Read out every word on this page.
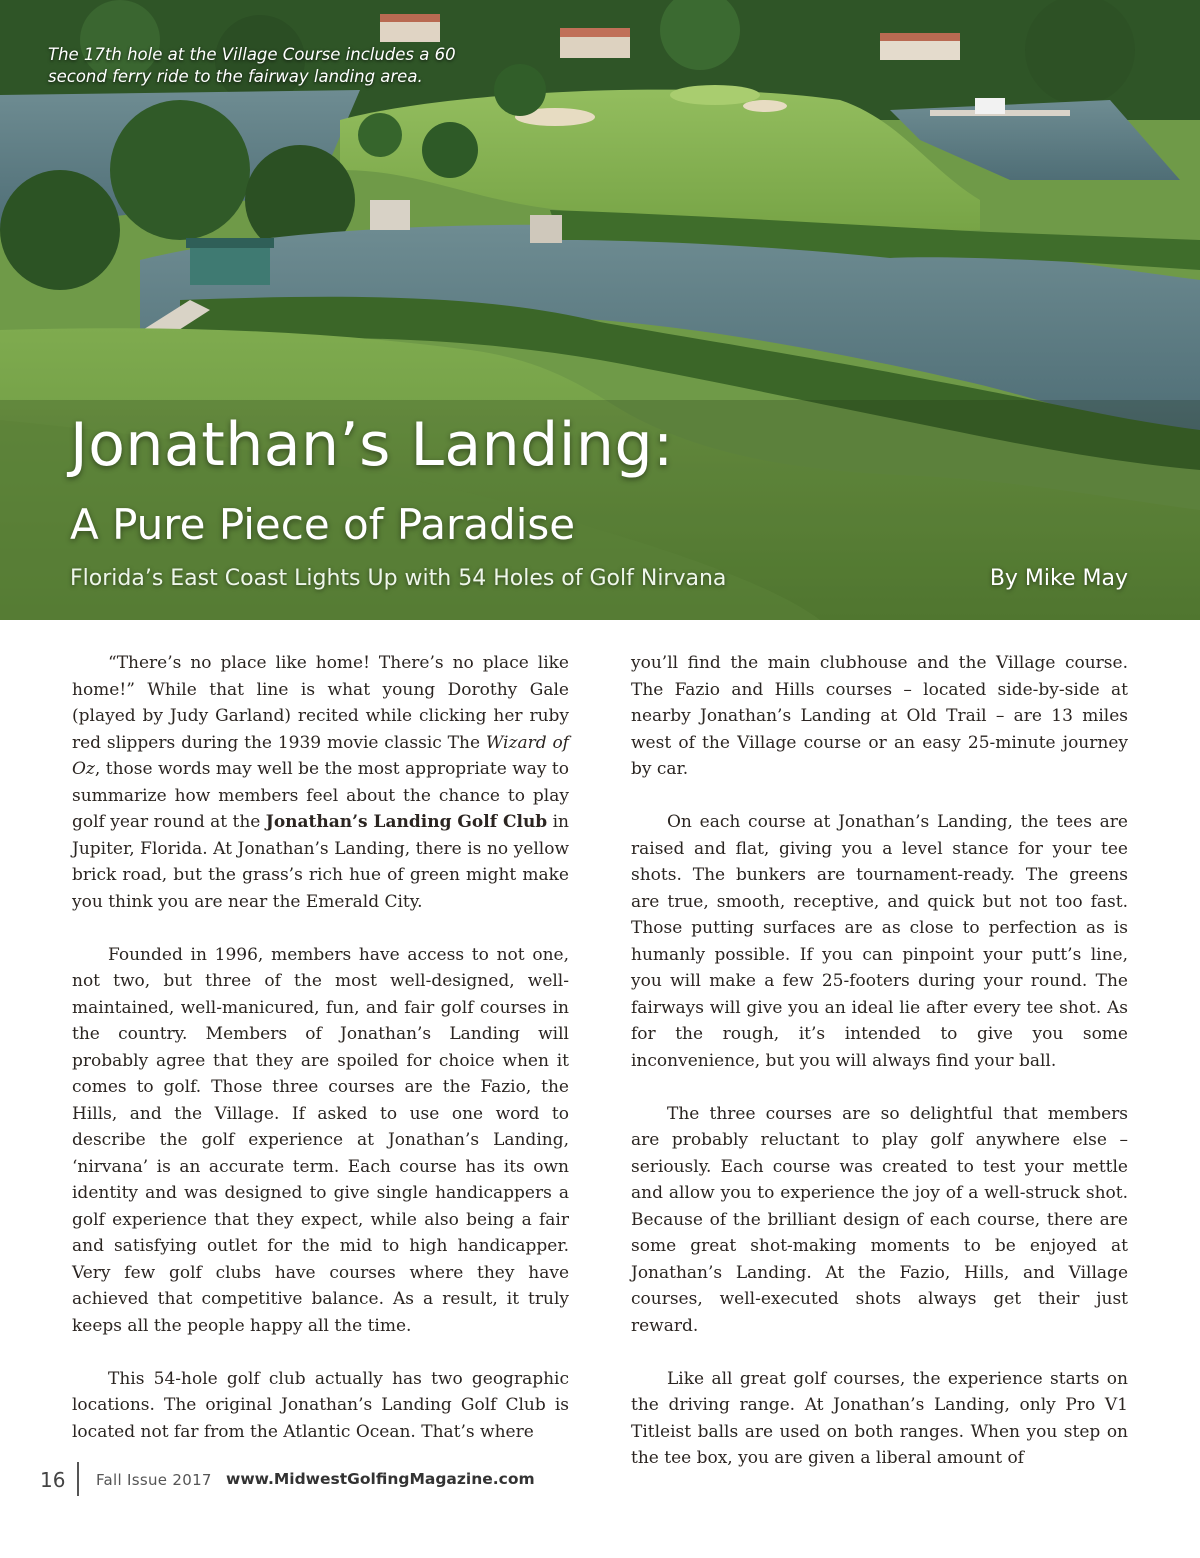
The 17th hole at the Village Course includes a 60 second ferry ride to the fairway landing area.

Jonathan’s Landing:
A Pure Piece of Paradise

Florida’s East Coast Lights Up with 54 Holes of Golf Nirvana	By Mike May

“There’s no place like home! There’s no place like home!” While that line is what young Dorothy Gale (played by Judy Garland) recited while clicking her ruby red slippers during the 1939 movie classic The Wizard of Oz, those words may well be the most appropriate way to summarize how members feel about the chance to play golf year round at the Jonathan’s Landing Golf Club in Jupiter, Florida. At Jonathan’s Landing, there is no yellow brick road, but the grass’s rich hue of green might make you think you are near the Emerald City.

Founded in 1996, members have access to not one, not two, but three of the most well-designed, well-maintained, well-manicured, fun, and fair golf courses in the country. Members of Jonathan’s Landing will probably agree that they are spoiled for choice when it comes to golf. Those three courses are the Fazio, the Hills, and the Village. If asked to use one word to describe the golf experience at Jonathan’s Landing, ‘nirvana’ is an accurate term. Each course has its own identity and was designed to give single handicappers a golf experience that they expect, while also being a fair and satisfying outlet for the mid to high handicapper. Very few golf clubs have courses where they have achieved that competitive balance. As a result, it truly keeps all the people happy all the time.

This 54-hole golf club actually has two geographic locations. The original Jonathan’s Landing Golf Club is located not far from the Atlantic Ocean. That’s where

you’ll find the main clubhouse and the Village course. The Fazio and Hills courses – located side-by-side at nearby Jonathan’s Landing at Old Trail – are 13 miles west of the Village course or an easy 25-minute journey by car.

On each course at Jonathan’s Landing, the tees are raised and flat, giving you a level stance for your tee shots. The bunkers are tournament-ready. The greens are true, smooth, receptive, and quick but not too fast. Those putting surfaces are as close to perfection as is humanly possible. If you can pinpoint your putt’s line, you will make a few 25-footers during your round. The fairways will give you an ideal lie after every tee shot. As for the rough, it’s intended to give you some inconvenience, but you will always find your ball.

The three courses are so delightful that members are probably reluctant to play golf anywhere else – seriously. Each course was created to test your mettle and allow you to experience the joy of a well-struck shot. Because of the brilliant design of each course, there are some great shot-making moments to be enjoyed at Jonathan’s Landing. At the Fazio, Hills, and Village courses, well-executed shots always get their just reward.

Like all great golf courses, the experience starts on the driving range. At Jonathan’s Landing, only Pro V1 Titleist balls are used on both ranges. When you step on the tee box, you are given a liberal amount of

16 Fall Issue 2017 www.MidwestGolfingMagazine.com
